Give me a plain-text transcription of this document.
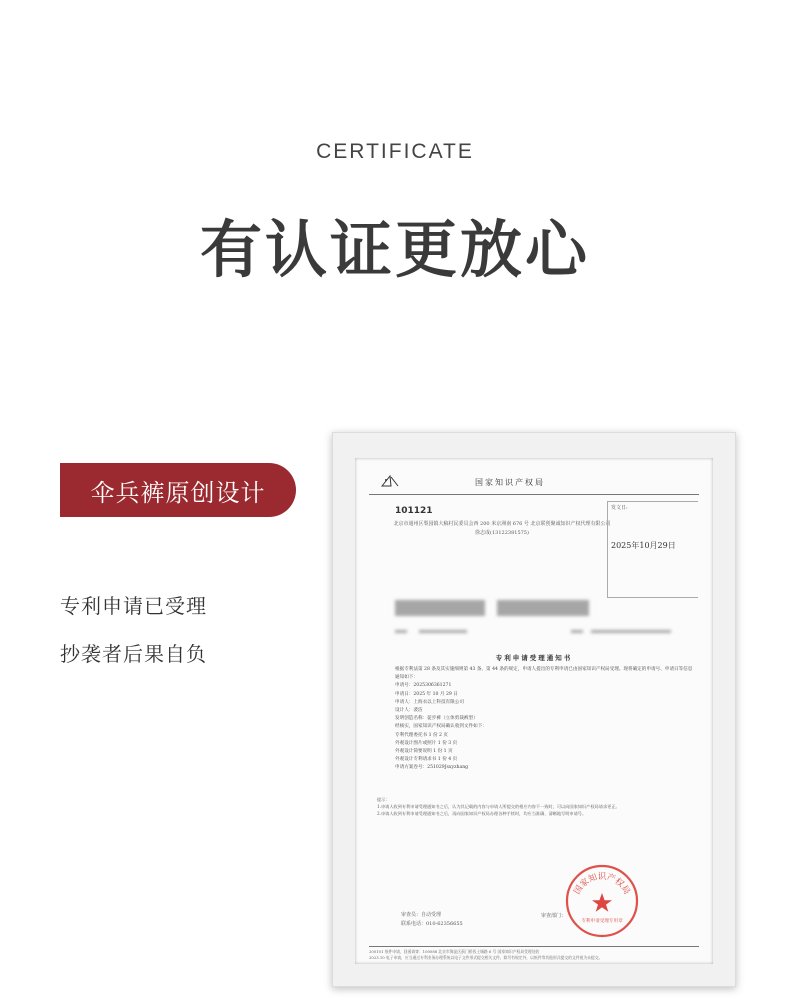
CERTIFICATE
有认证更放心
伞兵裤原创设计
专利申请已受理
抄袭者后果自负
国家知识产权局
101121
北京市通州区梨园镇大稿村民委员会西 200 米京洲南 676 号 北京联创聚诚知识产权代理有限公司
徐志成(13122381575)
发文日:
2025年10月29日
专利申请受理通知书

根据专利法第 28 条及其实施细则第 43 条、第 44 条的规定，申请人提出的专利申请已由国家知识产权局受理。现将确定的申请号、申请日等信息通知如下：

申请号：2025306361271

申请日：2025 年 10 月 29 日

申请人：上海衣以上科技有限公司

设计人：裴洁

发明创造名称：徒步裤（立体剪裁裤型）

经核实，国家知识产权局确认收到文件如下：

专利代理委托书 1 份 2 页

外观设计图片或照片 1 份 3 页

外观设计简要说明 1 份 1 页

外观设计专利请求书 1 份 4 页

申请方案卷号：251029Jsxyzhang

提示：

1.申请人收到专利申请受理通知书之后，认为其记载的内容与申请人所提交的相应内容不一致时，可以向国家知识产权局请求更正。

2.申请人收到专利申请受理通知书之后，再向国家知识产权局办理各种手续时，均应当准确、清晰地写明申请号。

审查员：自动受理
联系电话：010-62356655
审查部门：
国家知识产权局
专利申请受理专用章
200101 纸件申请，回函请寄：100088 北京市海淀区蓟门桥西土城路 6 号 国家知识产权局受理处收
2023.10 电子申请，应当通过专利业务办理系统以电子文件形式提交相关文件。除另有规定外，以纸件等其他形式提交的文件视为未提交。
